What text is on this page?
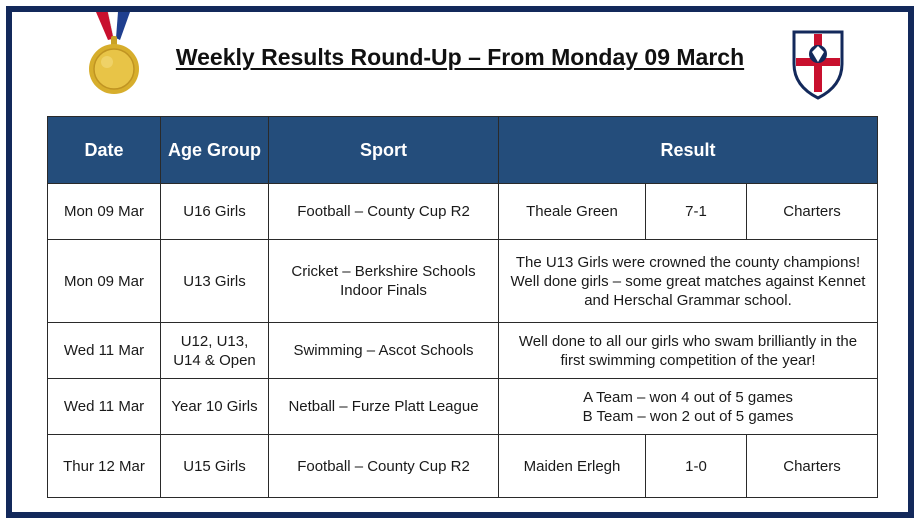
Weekly Results Round-Up – From Monday 09 March
Date	Age Group	Sport	Result		
Mon 09 Mar	U16 Girls	Football – County Cup R2	Theale Green	7-1	Charters
Mon 09 Mar	U13 Girls	Cricket – Berkshire Schools
Indoor Finals	The U13 Girls were crowned the county champions!
Well done girls – some great matches against Kennet
and Herschal Grammar school.		

Wed 11 Mar	U12, U13,
U14 & Open	Swimming – Ascot Schools	Well done to all our girls who swam brilliantly in the
first swimming competition of the year!		

Wed 11 Mar	Year 10 Girls	Netball – Furze Platt League	A Team – won 4 out of 5 games
B Team – won 2 out of 5 games		

Thur 12 Mar	U15 Girls	Football – County Cup R2	Maiden Erlegh	1-0	Charters
